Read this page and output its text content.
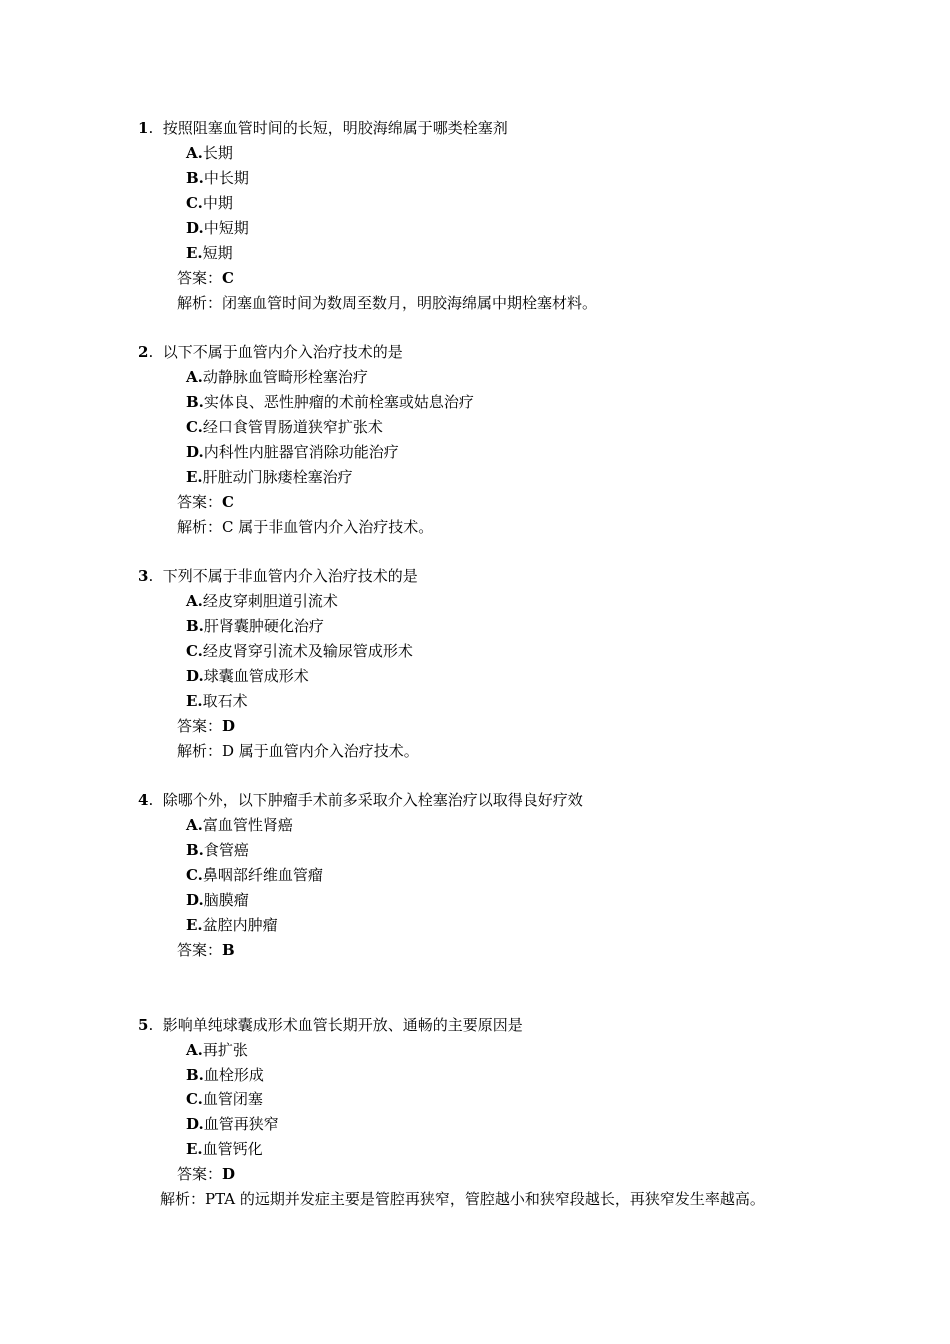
1.  按照阻塞血管时间的长短，明胶海绵属于哪类栓塞剂
A.长期
B.中长期
C.中期
D.中短期
E.短期
答案：C
解析：闭塞血管时间为数周至数月，明胶海绵属中期栓塞材料。
2.  以下不属于血管内介入治疗技术的是
A.动静脉血管畸形栓塞治疗
B.实体良、恶性肿瘤的术前栓塞或姑息治疗
C.经口食管胃肠道狭窄扩张术
D.内科性内脏器官消除功能治疗
E.肝脏动门脉瘘栓塞治疗
答案：C
解析：C 属于非血管内介入治疗技术。
3.  下列不属于非血管内介入治疗技术的是
A.经皮穿刺胆道引流术
B.肝肾囊肿硬化治疗
C.经皮肾穿引流术及输尿管成形术
D.球囊血管成形术
E.取石术
答案：D
解析：D 属于血管内介入治疗技术。
4.  除哪个外，以下肿瘤手术前多采取介入栓塞治疗以取得良好疗效
A.富血管性肾癌
B.食管癌
C.鼻咽部纤维血管瘤
D.脑膜瘤
E.盆腔内肿瘤
答案：B
5.  影响单纯球囊成形术血管长期开放、通畅的主要原因是
A.再扩张
B.血栓形成
C.血管闭塞
D.血管再狭窄
E.血管钙化
答案：D
解析：PTA 的远期并发症主要是管腔再狭窄，管腔越小和狭窄段越长，再狭窄发生率越高。
